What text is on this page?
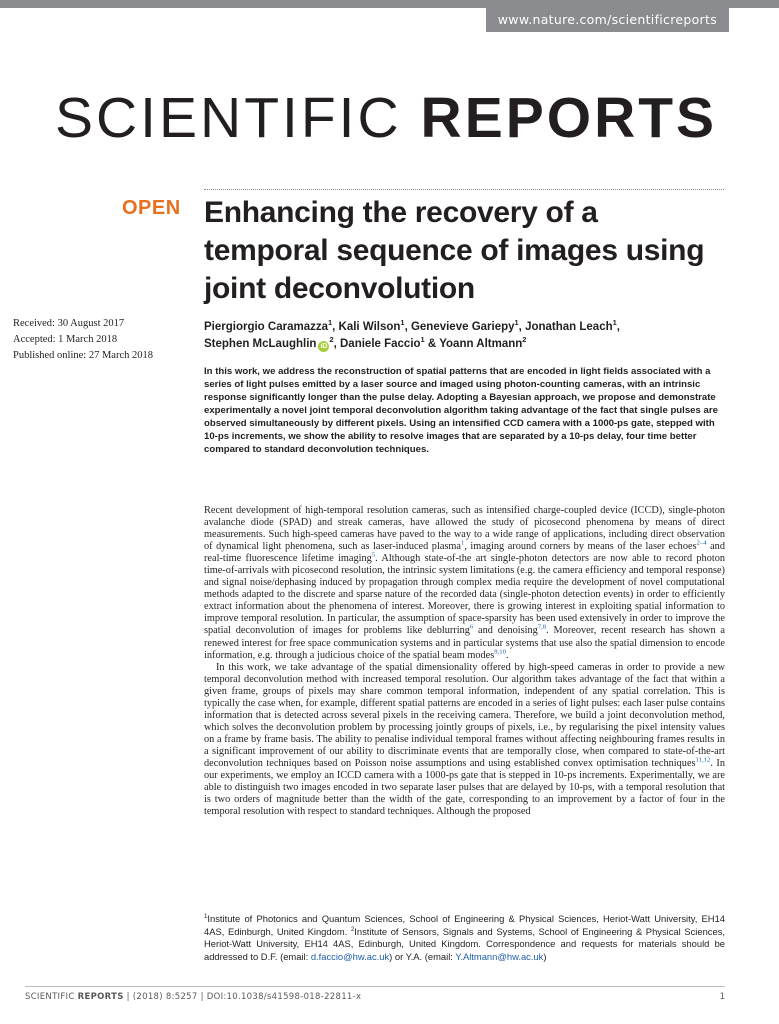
www.nature.com/scientificreports
SCIENTIFIC REPORTS
OPEN Enhancing the recovery of a temporal sequence of images using joint deconvolution
Received: 30 August 2017
Accepted: 1 March 2018
Published online: 27 March 2018
Piergiorgio Caramazza$^1$, Kali Wilson$^1$, Genevieve Gariepy$^1$, Jonathan Leach$^1$,
Stephen McLaughlin $iD^2$, Daniele Faccio$^1$ & Yoann Altmann$^2$
In this work, we address the reconstruction of spatial patterns that are encoded in light fields associated with a series of light pulses emitted by a laser source and imaged using photon-counting cameras, with an intrinsic response significantly longer than the pulse delay. Adopting a Bayesian approach, we propose and demonstrate experimentally a novel joint temporal deconvolution algorithm taking advantage of the fact that single pulses are observed simultaneously by different pixels. Using an intensified CCD camera with a 1000-ps gate, stepped with 10-ps increments, we show the ability to resolve images that are separated by a 10-ps delay, four time better compared to standard deconvolution techniques.

Recent development of high-temporal resolution cameras, such as intensified charge-coupled device (ICCD), single-photon avalanche diode (SPAD) and streak cameras, have allowed the study of picosecond phenomena by means of direct measurements. Such high-speed cameras have paved to the way to a wide range of applications, including direct observation of dynamical light phenomena, such as laser-induced plasma$^1$, imaging around corners by means of the laser echoes$^{2-4}$ and real-time fluorescence lifetime imaging$^5$. Although state-of-the art single-photon detectors are now able to record photon time-of-arrivals with picosecond resolution, the intrinsic system limitations (e.g. the camera efficiency and temporal response) and signal noise/dephasing induced by propagation through complex media require the development of novel computational methods adapted to the discrete and sparse nature of the recorded data (single-photon detection events) in order to efficiently extract information about the phenomena of interest. Moreover, there is growing interest in exploiting spatial information to improve temporal resolution. In particular, the assumption of space-sparsity has been used extensively in order to improve the spatial deconvolution of images for problems like deblurring$^6$ and denoising$^{7,8}$. Moreover, recent research has shown a renewed interest for free space communication systems and in particular systems that use also the spatial dimension to encode information, e.g. through a judicious choice of the spatial beam modes$^{9,10}$.

In this work, we take advantage of the spatial dimensionality offered by high-speed cameras in order to provide a new temporal deconvolution method with increased temporal resolution. Our algorithm takes advantage of the fact that within a given frame, groups of pixels may share common temporal information, independent of any spatial correlation. This is typically the case when, for example, different spatial patterns are encoded in a series of light pulses: each laser pulse contains information that is detected across several pixels in the receiving camera. Therefore, we build a joint deconvolution method, which solves the deconvolution problem by processing jointly groups of pixels, i.e., by regularising the pixel intensity values on a frame by frame basis. The ability to penalise individual temporal frames without affecting neighbouring frames results in a significant improvement of our ability to discriminate events that are temporally close, when compared to state-of-the-art deconvolution techniques based on Poisson noise assumptions and using established convex optimisation techniques$^{11,12}$. In our experiments, we employ an ICCD camera with a 1000-ps gate that is stepped in 10-ps increments. Experimentally, we are able to distinguish two images encoded in two separate laser pulses that are delayed by 10-ps, with a temporal resolution that is two orders of magnitude better than the width of the gate, corresponding to an improvement by a factor of four in the temporal resolution with respect to standard techniques. Although the proposed

$^1$Institute of Photonics and Quantum Sciences, School of Engineering & Physical Sciences, Heriot-Watt University, EH14 4AS, Edinburgh, United Kingdom. $^2$Institute of Sensors, Signals and Systems, School of Engineering & Physical Sciences, Heriot-Watt University, EH14 4AS, Edinburgh, United Kingdom. Correspondence and requests for materials should be addressed to D.F. (email: d.faccio@hw.ac.uk) or Y.A. (email: Y.Altmann@hw.ac.uk)
SCIENTIFIC REPORTS | (2018) 8:5257 | DOI:10.1038/s41598-018-22811-x	1
